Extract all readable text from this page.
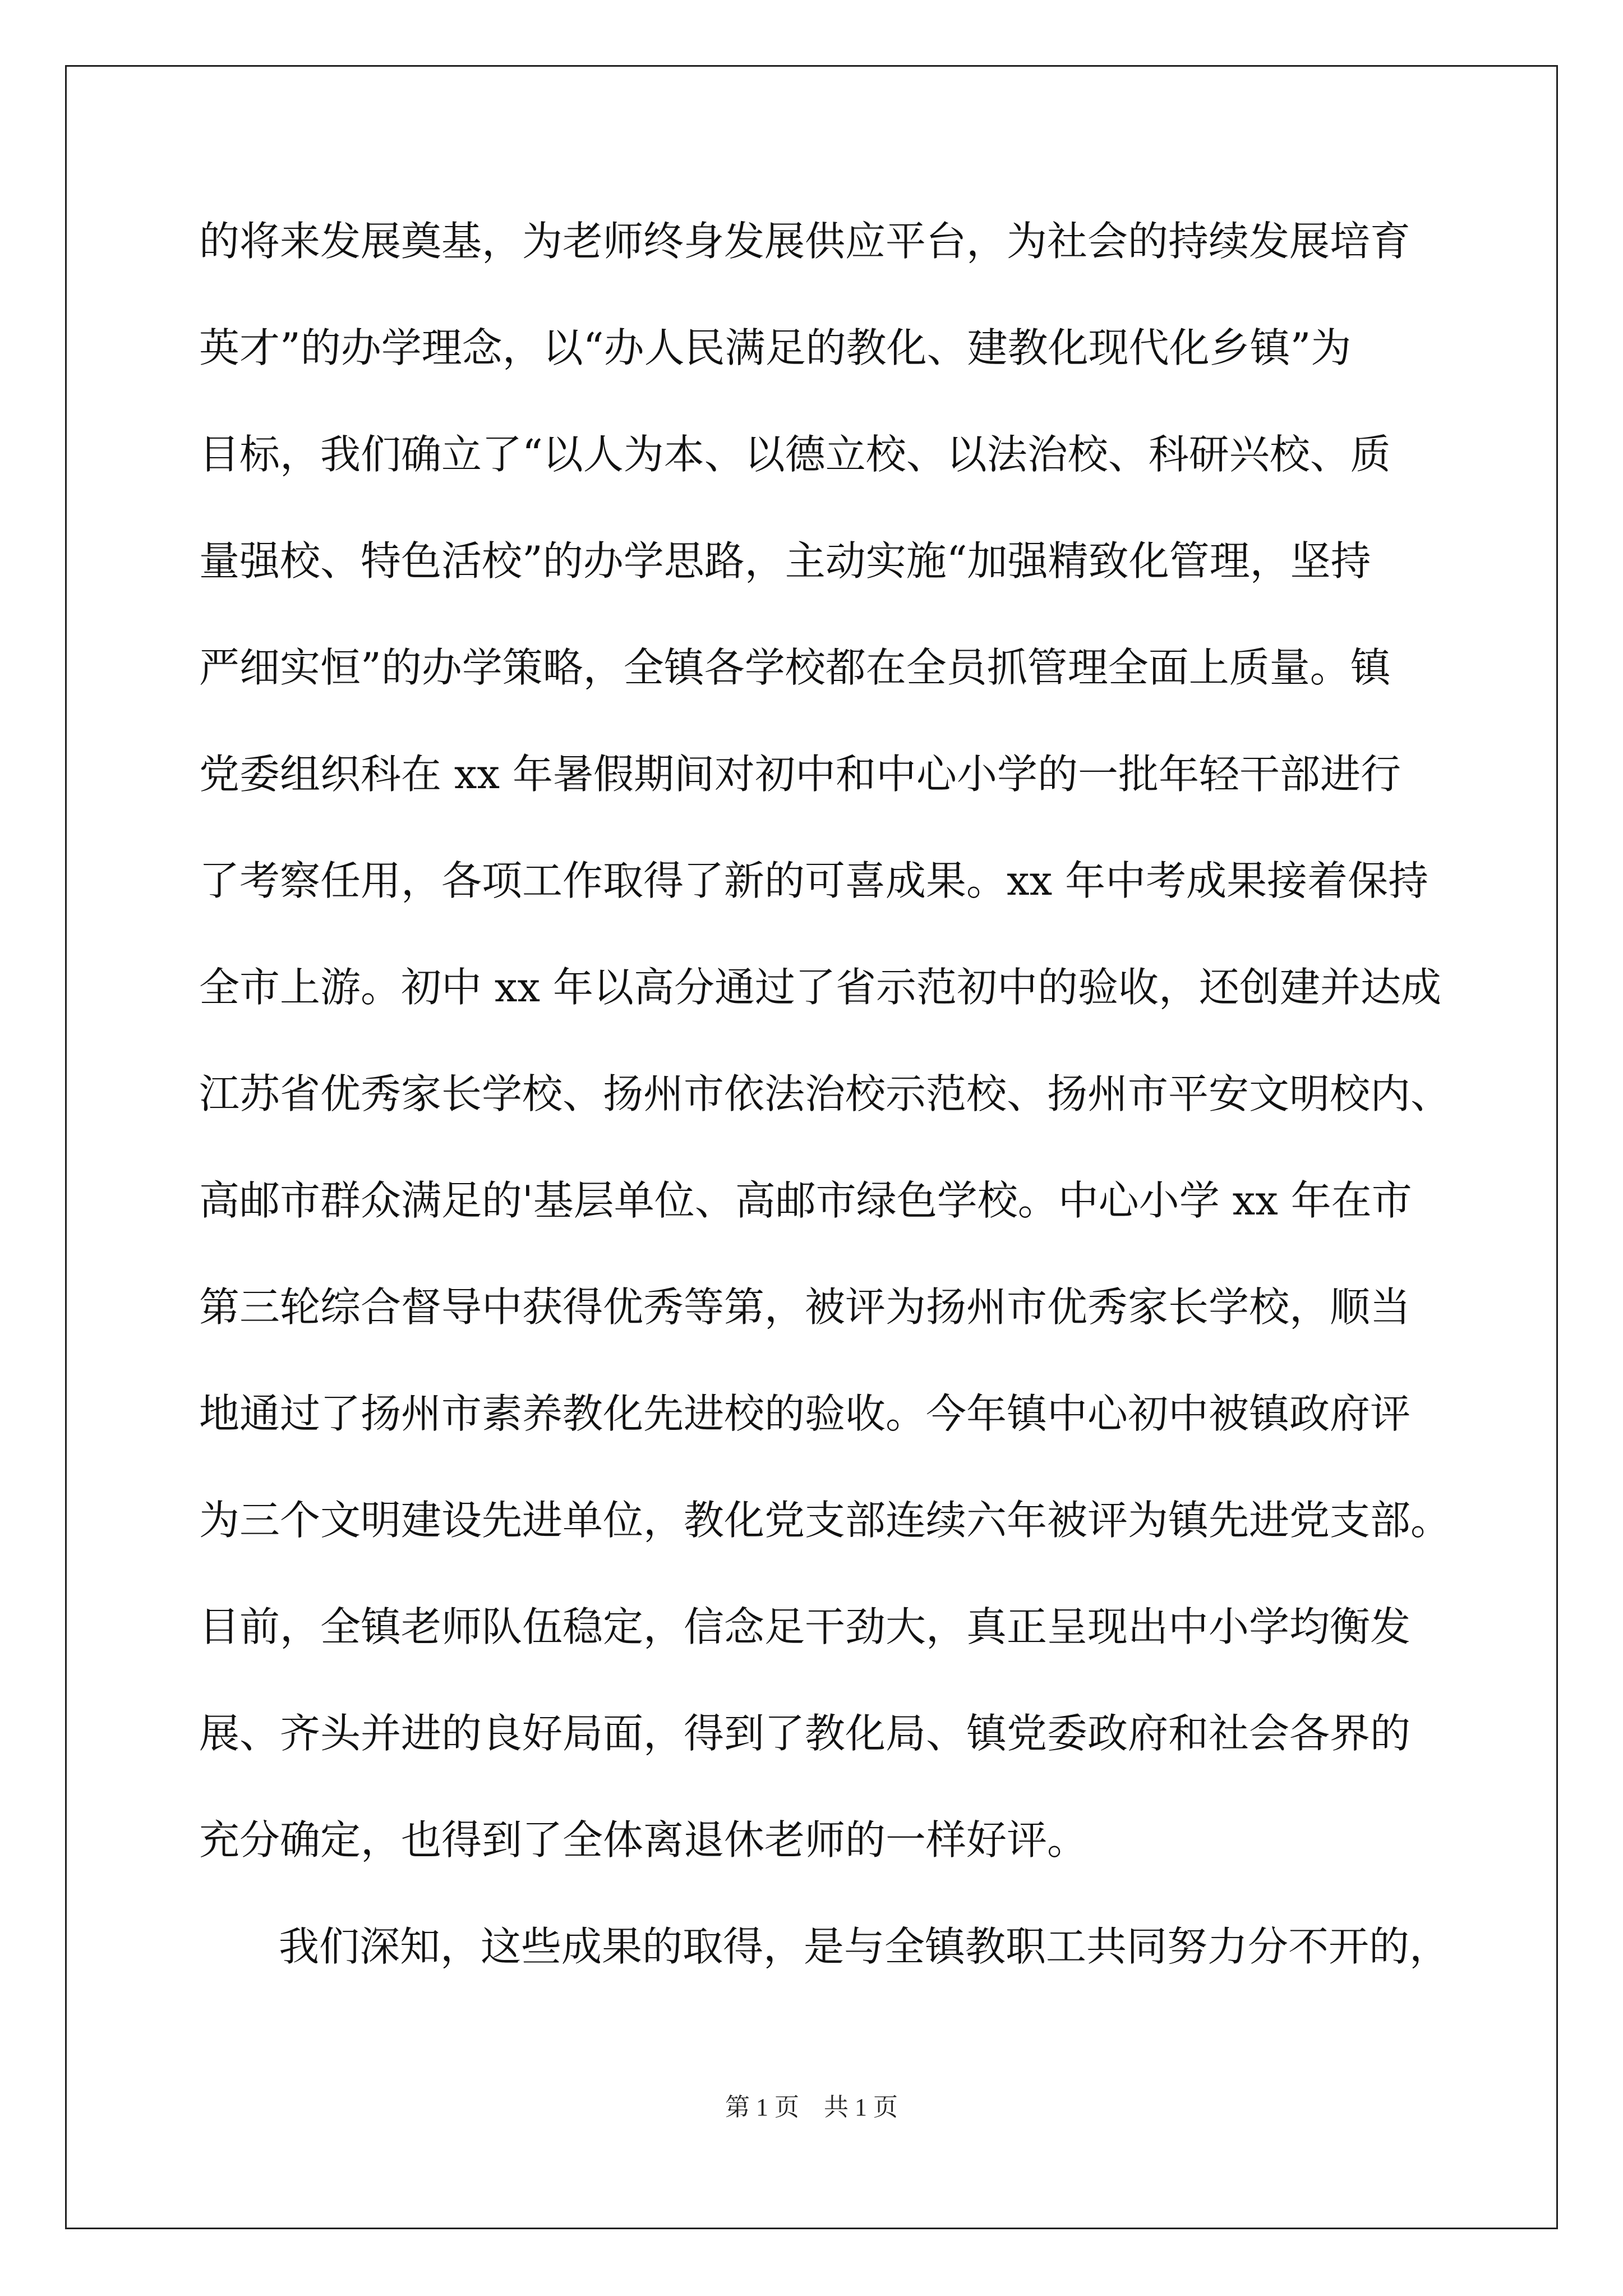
的将来发展奠基，为老师终身发展供应平台，为社会的持续发展培育
英才”的办学理念，以“办人民满足的教化、建教化现代化乡镇”为
目标，我们确立了“以人为本、以德立校、以法治校、科研兴校、质
量强校、特色活校”的办学思路，主动实施“加强精致化管理，坚持
严细实恒”的办学策略，全镇各学校都在全员抓管理全面上质量。镇
党委组织科在 xx 年暑假期间对初中和中心小学的一批年轻干部进行
了考察任用，各项工作取得了新的可喜成果。xx 年中考成果接着保持
全市上游。初中 xx 年以高分通过了省示范初中的验收，还创建并达成
江苏省优秀家长学校、扬州市依法治校示范校、扬州市平安文明校内、
高邮市群众满足的'基层单位、高邮市绿色学校。中心小学 xx 年在市
第三轮综合督导中获得优秀等第，被评为扬州市优秀家长学校，顺当
地通过了扬州市素养教化先进校的验收。今年镇中心初中被镇政府评
为三个文明建设先进单位，教化党支部连续六年被评为镇先进党支部。
目前，全镇老师队伍稳定，信念足干劲大，真正呈现出中小学均衡发
展、齐头并进的良好局面，得到了教化局、镇党委政府和社会各界的
充分确定，也得到了全体离退休老师的一样好评。
我们深知，这些成果的取得，是与全镇教职工共同努力分不开的，
第 1 页　共 1 页
